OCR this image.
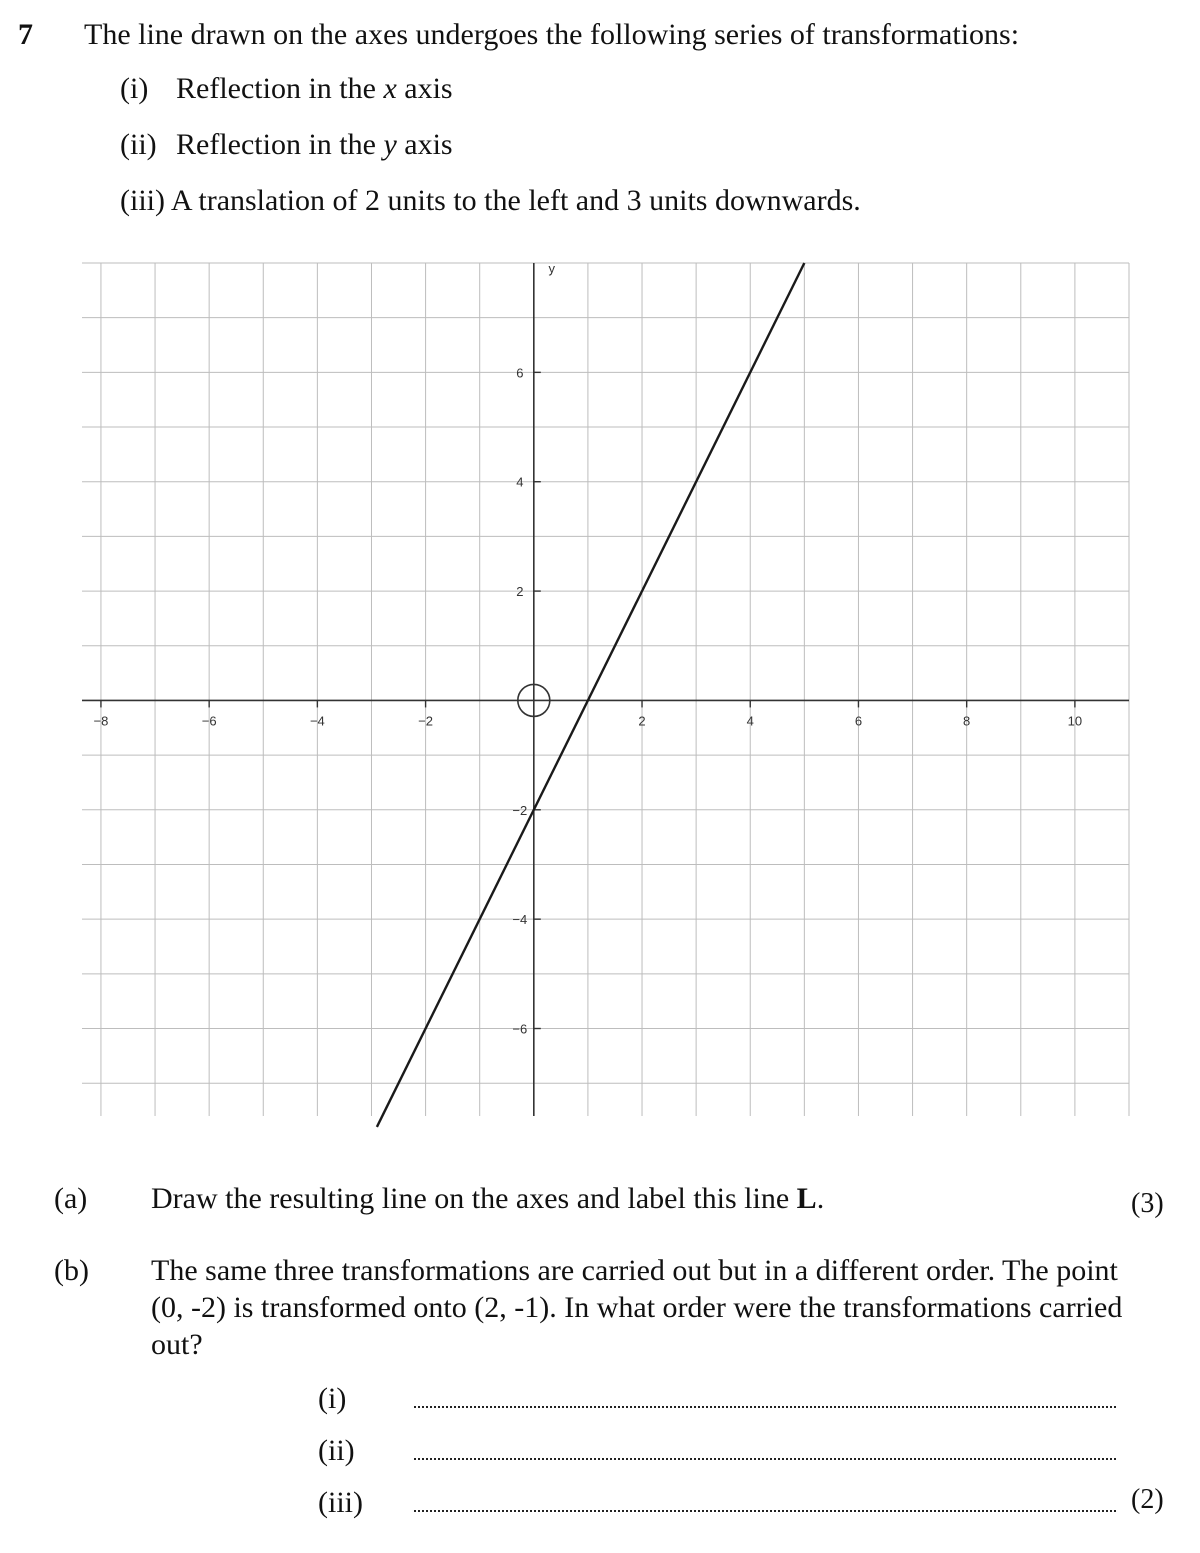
7 The line drawn on the axes undergoes the following series of transformations:
(i) Reflection in the x axis
(ii) Reflection in the y axis
(iii) A translation of 2 units to the left and 3 units downwards.
−8	−6	−4	−2	2	4	6	8	10
6
4
2
−2
−4
−6
y
(a) Draw the resulting line on the axes and label this line L.	(3)
(b) The same three transformations are carried out but in a different order. The point (0, -2) is transformed onto (2, -1). In what order were the transformations carried out?
(i)
(ii)
(iii)	(2)
